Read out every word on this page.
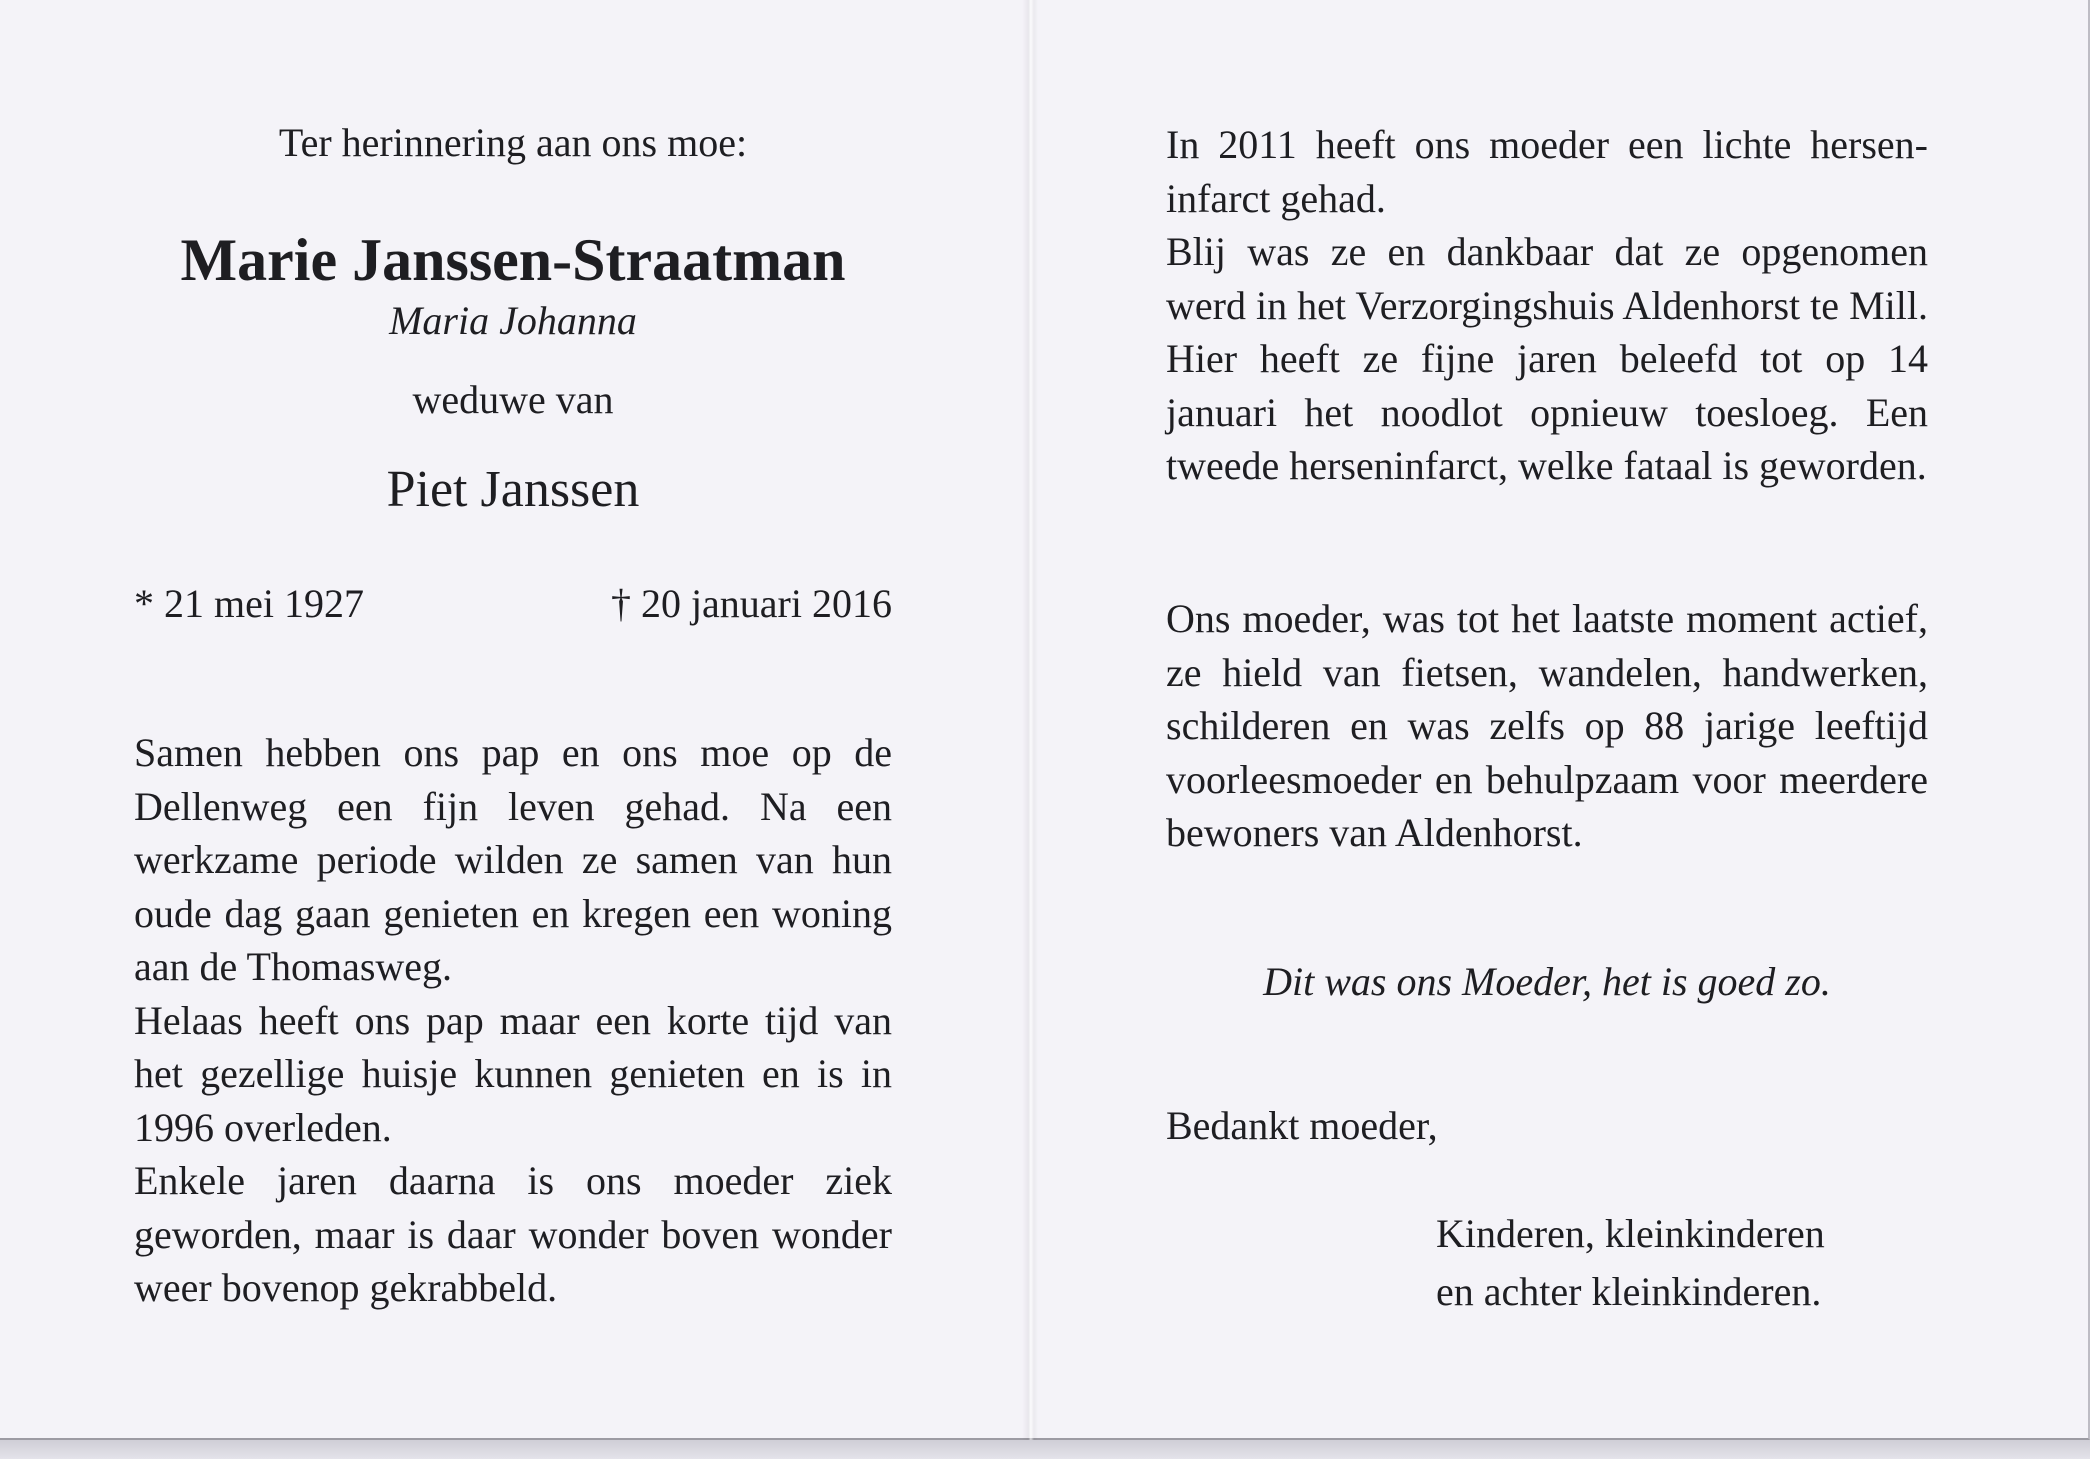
Ter herinnering aan ons moe:
Marie Janssen-Straatman
Maria Johanna
weduwe van
Piet Janssen
* 21 mei 1927	† 20 januari 2016

Samen hebben ons pap en ons moe op de Dellenweg een fijn leven gehad. Na een werkzame periode wilden ze samen van hun oude dag gaan genieten en kregen een woning aan de Thomasweg.

Helaas heeft ons pap maar een korte tijd van het gezellige huisje kunnen genieten en is in 1996 overleden.

Enkele jaren daarna is ons moeder ziek geworden, maar is daar wonder boven wonder weer bovenop gekrabbeld.

In 2011 heeft ons moeder een lichte hersen-infarct gehad.

Blij was ze en dankbaar dat ze opgenomen werd in het Verzorgingshuis Aldenhorst te Mill. Hier heeft ze fijne jaren beleefd tot op 14 januari het noodlot opnieuw toesloeg. Een tweede herseninfarct, welke fataal is geworden.

Ons moeder, was tot het laatste moment actief, ze hield van fietsen, wandelen, handwerken, schilderen en was zelfs op 88 jarige leeftijd voorleesmoeder en behulpzaam voor meerdere bewoners van Aldenhorst.

Dit was ons Moeder, het is goed zo.
Bedankt moeder,
Kinderen, kleinkinderen
en achter kleinkinderen.
